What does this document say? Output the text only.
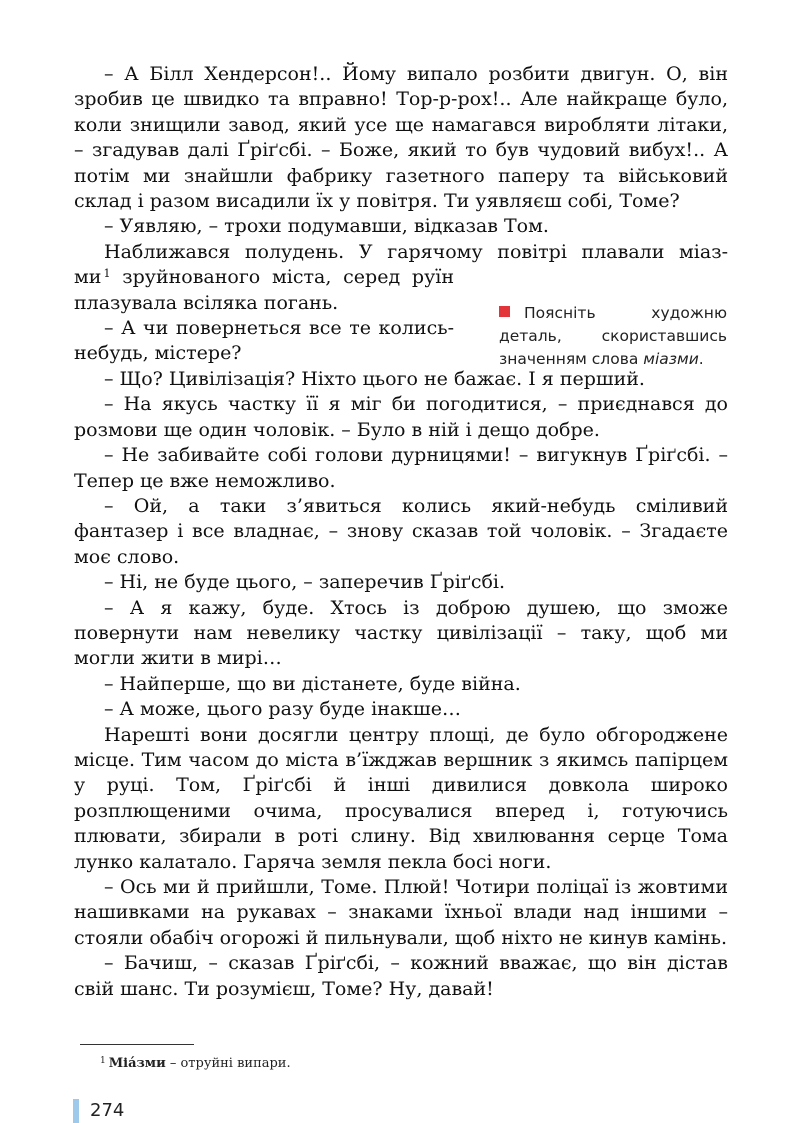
– А Білл Хендерсон!.. Йому випало розбити двигун. О, він зробив це швидко та вправно! Тор-р-рох!.. Але найкраще було, коли знищили завод, який усе ще намагався виробляти літаки, – згадував далі Ґріґсбі. – Боже, який то був чудовий вибух!.. А потім ми знайшли фабрику газетного паперу та військовий склад і разом висадили їх у повітря. Ти уявляєш собі, Томе?

– Уявляю, – трохи подумавши, відказав Том.

Наближався полудень. У гарячому повітрі плавали міаз-

ми $^1$ зруйнованого міста, серед руїн плазувала всіляка погань.

– А чи повернеться все те колись-небудь, містере?

– Що? Цивілізація? Ніхто цього не бажає. І я перший.

– На якусь частку її я міг би погодитися, – приєднався до розмови ще один чоловік. – Було в ній і дещо добре.

– Не забивайте собі голови дурницями! – вигукнув Ґріґсбі. – Тепер це вже неможливо.

– Ой, а таки з’явиться колись який-небудь сміливий фантазер і все владнає, – знову сказав той чоловік. – Згадаєте моє слово.

– Ні, не буде цього, – заперечив Ґріґсбі.

– А я кажу, буде. Хтось із доброю душею, що зможе повернути нам невелику частку цивілізації – таку, щоб ми могли жити в мирі…

– Найперше, що ви дістанете, буде війна.

– А може, цього разу буде інакше…

Нарешті вони досягли центру площі, де було обгороджене місце. Тим часом до міста в’їжджав вершник з якимсь папірцем у руці. Том, Ґріґсбі й інші дивилися довкола широко розплющеними очима, просувалися вперед і, готуючись плювати, збирали в роті слину. Від хвилювання серце Тома лунко калатало. Гаряча земля пекла босі ноги.

– Ось ми й прийшли, Томе. Плюй! Чотири поліцаї із жовтими нашивками на рукавах – знаками їхньої влади над іншими – стояли обабіч огорожі й пильнували, щоб ніхто не кинув камінь.

– Бачиш, – сказав Ґріґсбі, – кожний вважає, що він дістав свій шанс. Ти розумієш, Томе? Ну, давай!

Поясніть художню деталь, скориставшись значенням слова міазми.
$^1$ Міáзми – отруйні випари.
274
